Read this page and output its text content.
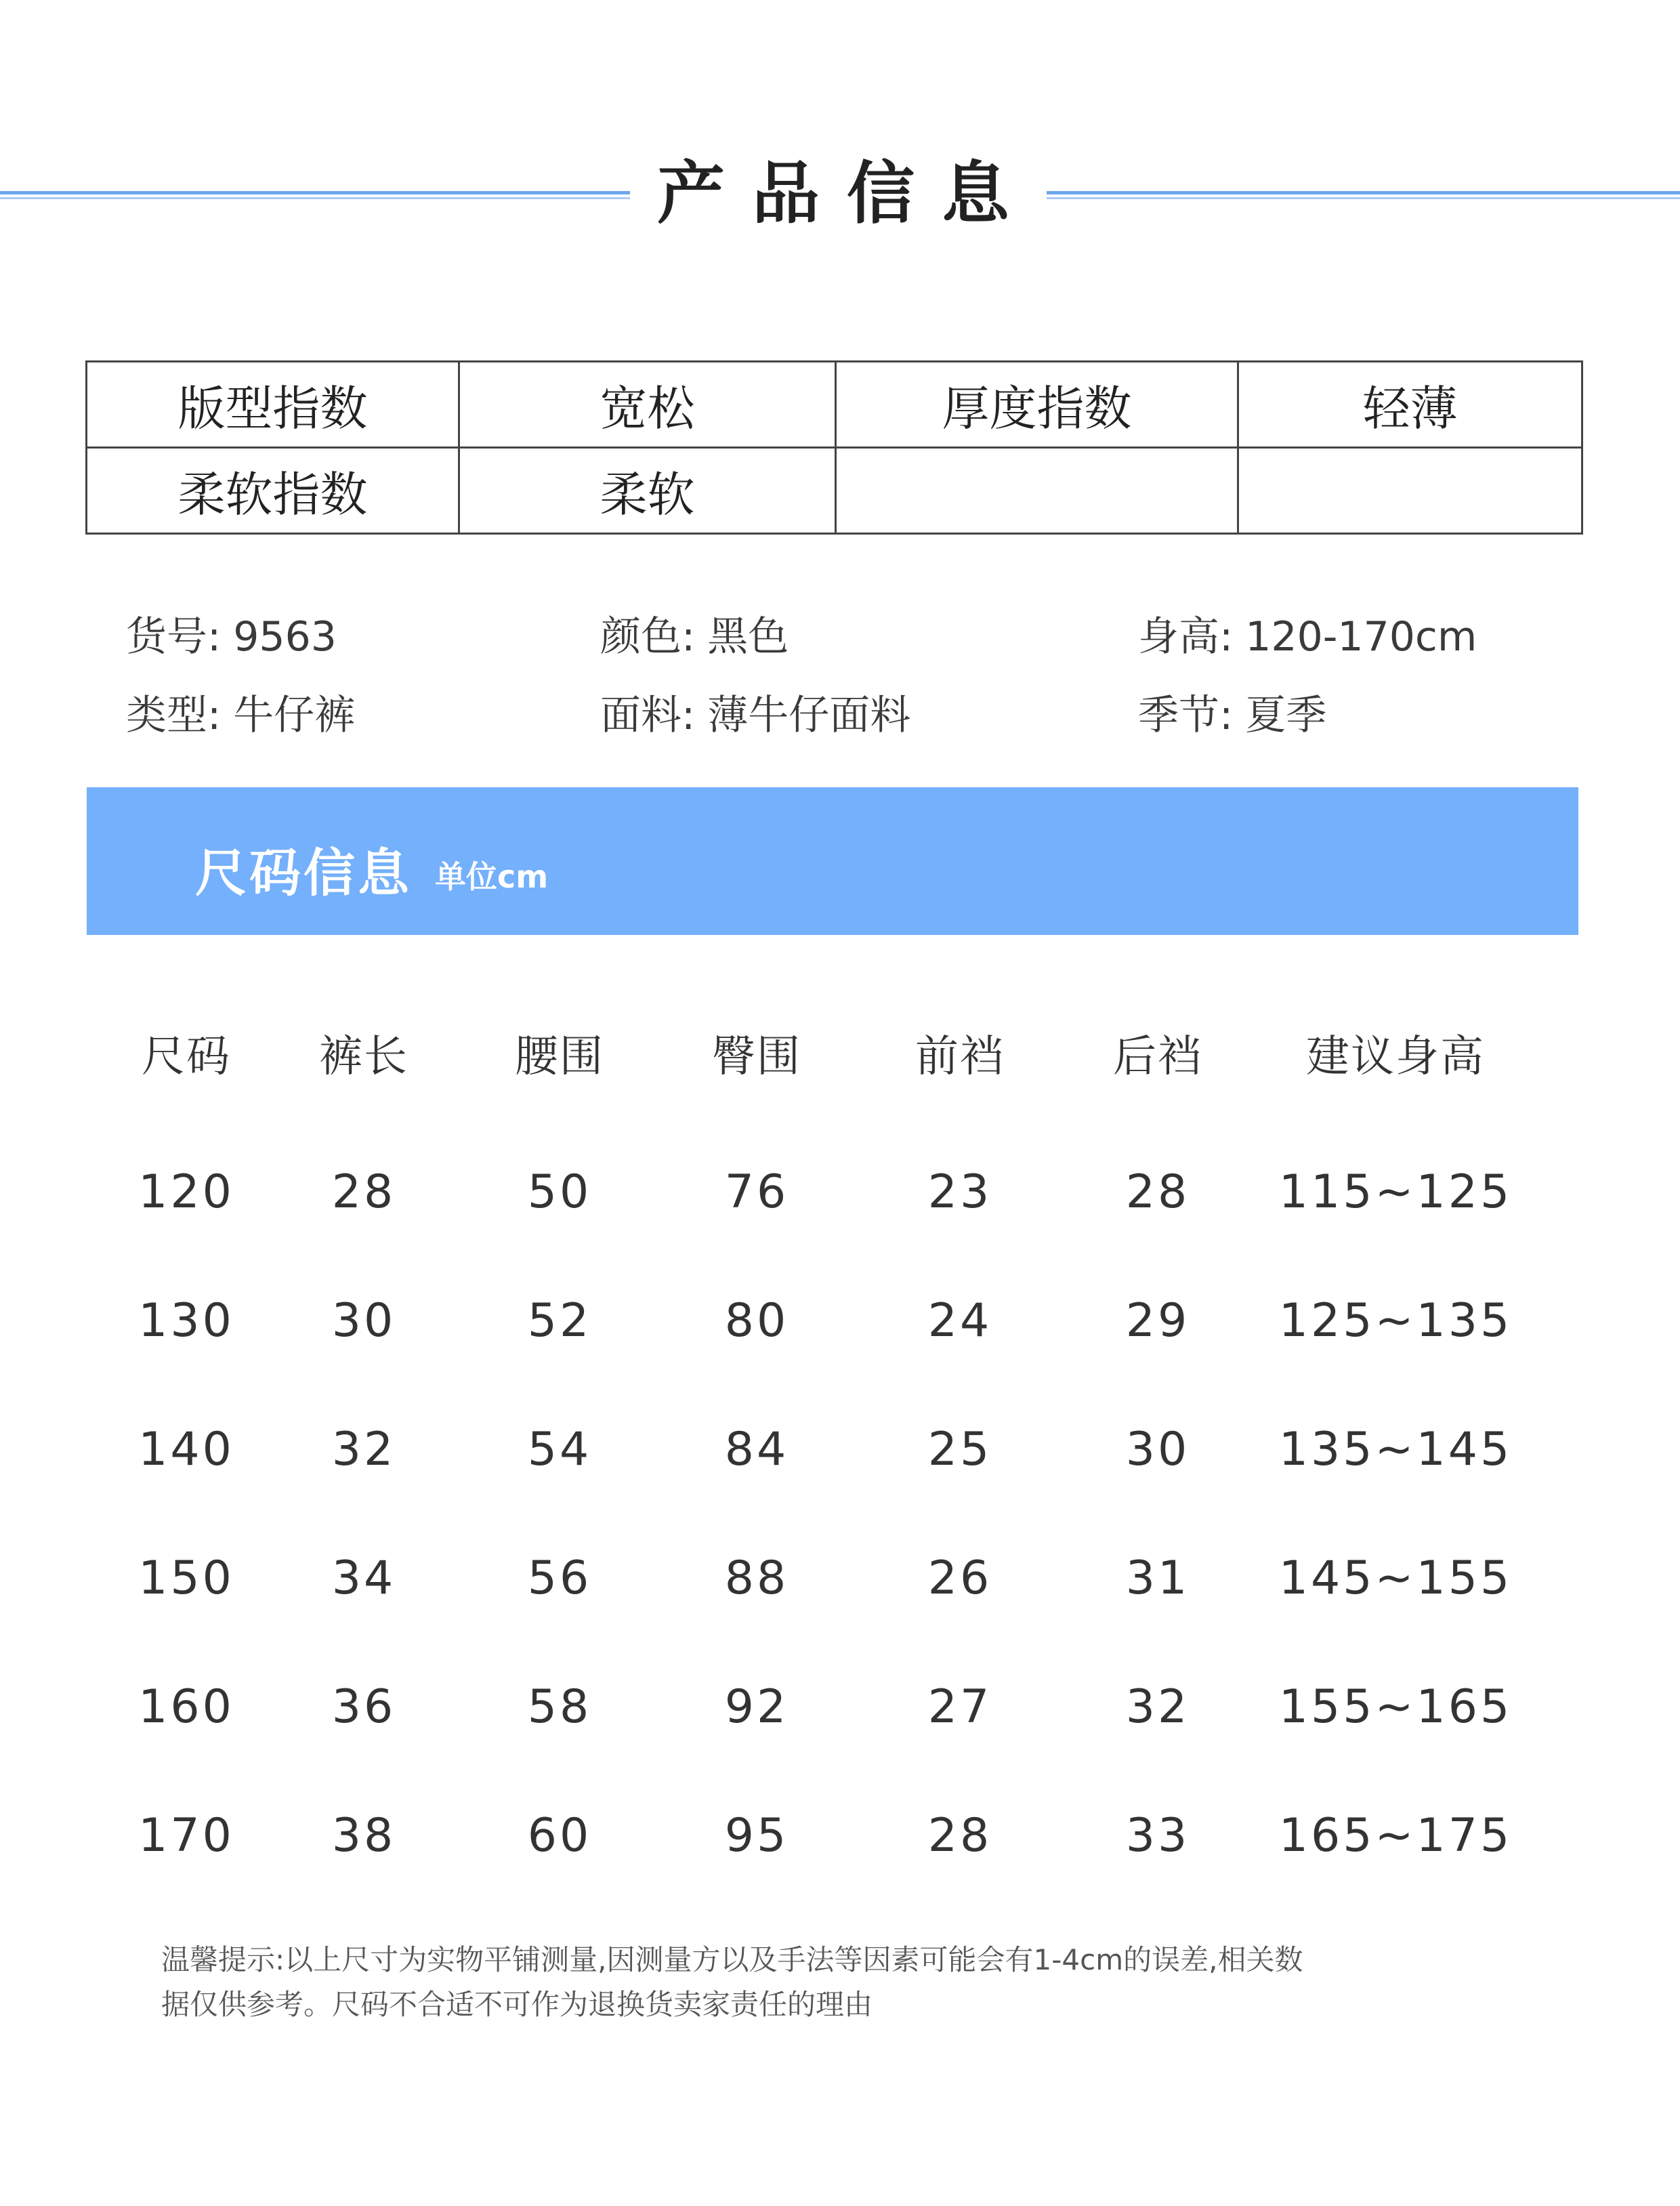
产品信息
版型指数	宽松	厚度指数	轻薄
柔软指数	柔软		
货号: 9563	颜色: 黑色	身高: 120-170cm
类型: 牛仔裤	面料: 薄牛仔面料	季节: 夏季
尺码信息 单位cm
尺码	裤长	腰围	臀围	前裆	后裆	建议身高
120	28	50	76	23	28	115~125
130	30	52	80	24	29	125~135
140	32	54	84	25	30	135~145
150	34	56	88	26	31	145~155
160	36	58	92	27	32	155~165
170	38	60	95	28	33	165~175
温馨提示:以上尺寸为实物平铺测量,因测量方以及手法等因素可能会有1-4cm的误差,相关数
据仅供参考。尺码不合适不可作为退换货卖家责任的理由
